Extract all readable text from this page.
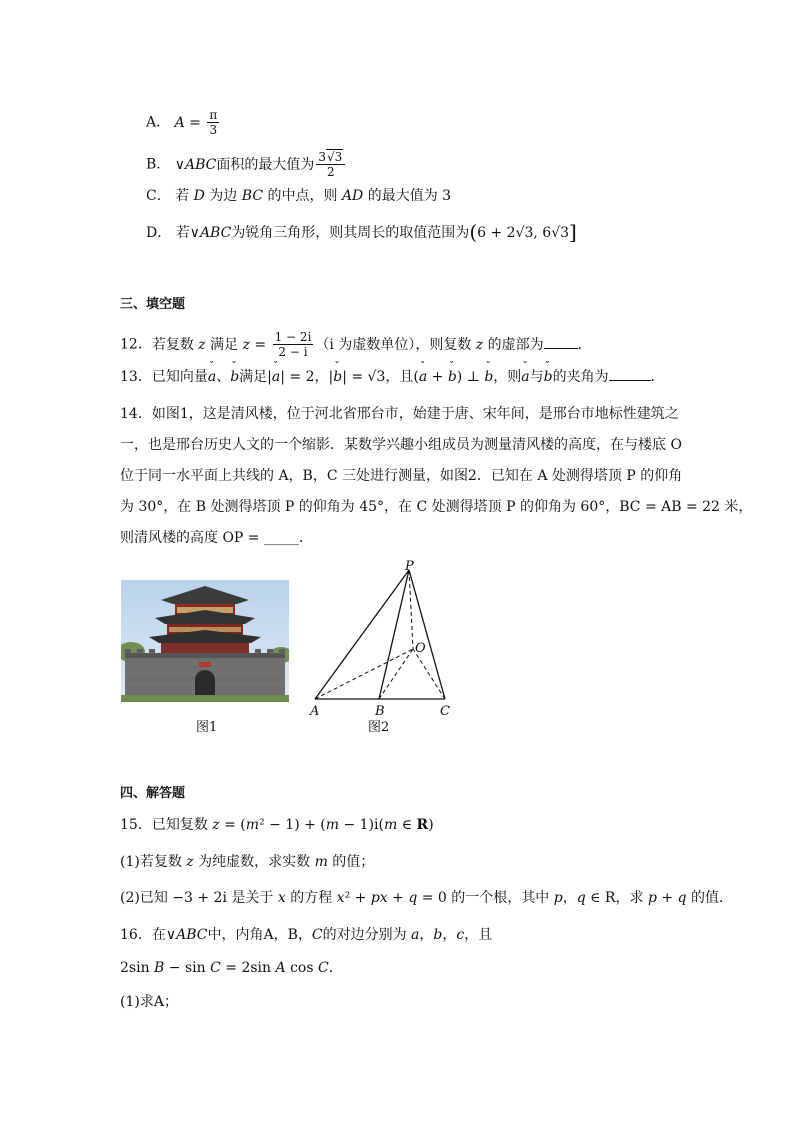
A． $A = \frac{\pi}{3}$
B． ∨ABC面积的最大值为 $\frac{3√3}{2}$
C． 若 D 为边 BC 的中点，则 AD 的最大值为 3
D． 若∨ABC为锐角三角形，则其周长的取值范围为(6 + 2√3, 6√3]
三、填空题
12．若复数 z 满足 $z = \frac{1 - 2i}{2 - i} (i$ 为虚数单位），则复数 z 的虚部为 ．
13．已知向量ˇ a、ˇ b满足|ˇ a| = 2，|ˇ b| = √3，且(ˇ a + ˇ b) ⊥ ˇ b，则ˇ a与ˇ b的夹角为	．
14．如图1，这是清风楼，位于河北省邢台市，始建于唐、宋年间，是邢台市地标性建筑之
一，也是邢台历史人文的一个缩影．某数学兴趣小组成员为测量清风楼的高度，在与楼底 O
位于同一水平面上共线的 A，B，C 三处进行测量，如图2．已知在 A 处测得塔顶 P 的仰角
为 30°，在 B 处测得塔顶 P 的仰角为 45°，在 C 处测得塔顶 P 的仰角为 60°，BC = AB = 22 米，
则清风楼的高度 OP = _____.
图1
P
O
A	B	C
图2
四、解答题
15．已知复数 z = (m² − 1) + (m − 1)i(m ∈ R)
(1)若复数 z 为纯虚数，求实数 m 的值；
(2)已知 −3 + 2i 是关于 x 的方程 x² + px + q = 0 的一个根，其中 p，q ∈ R，求 p + q 的值．
16．在∨ABC中，内角A，B，C的对边分别为 a，b，c，且
2sin B − sin C = 2sin A cos C．
(1)求A；
